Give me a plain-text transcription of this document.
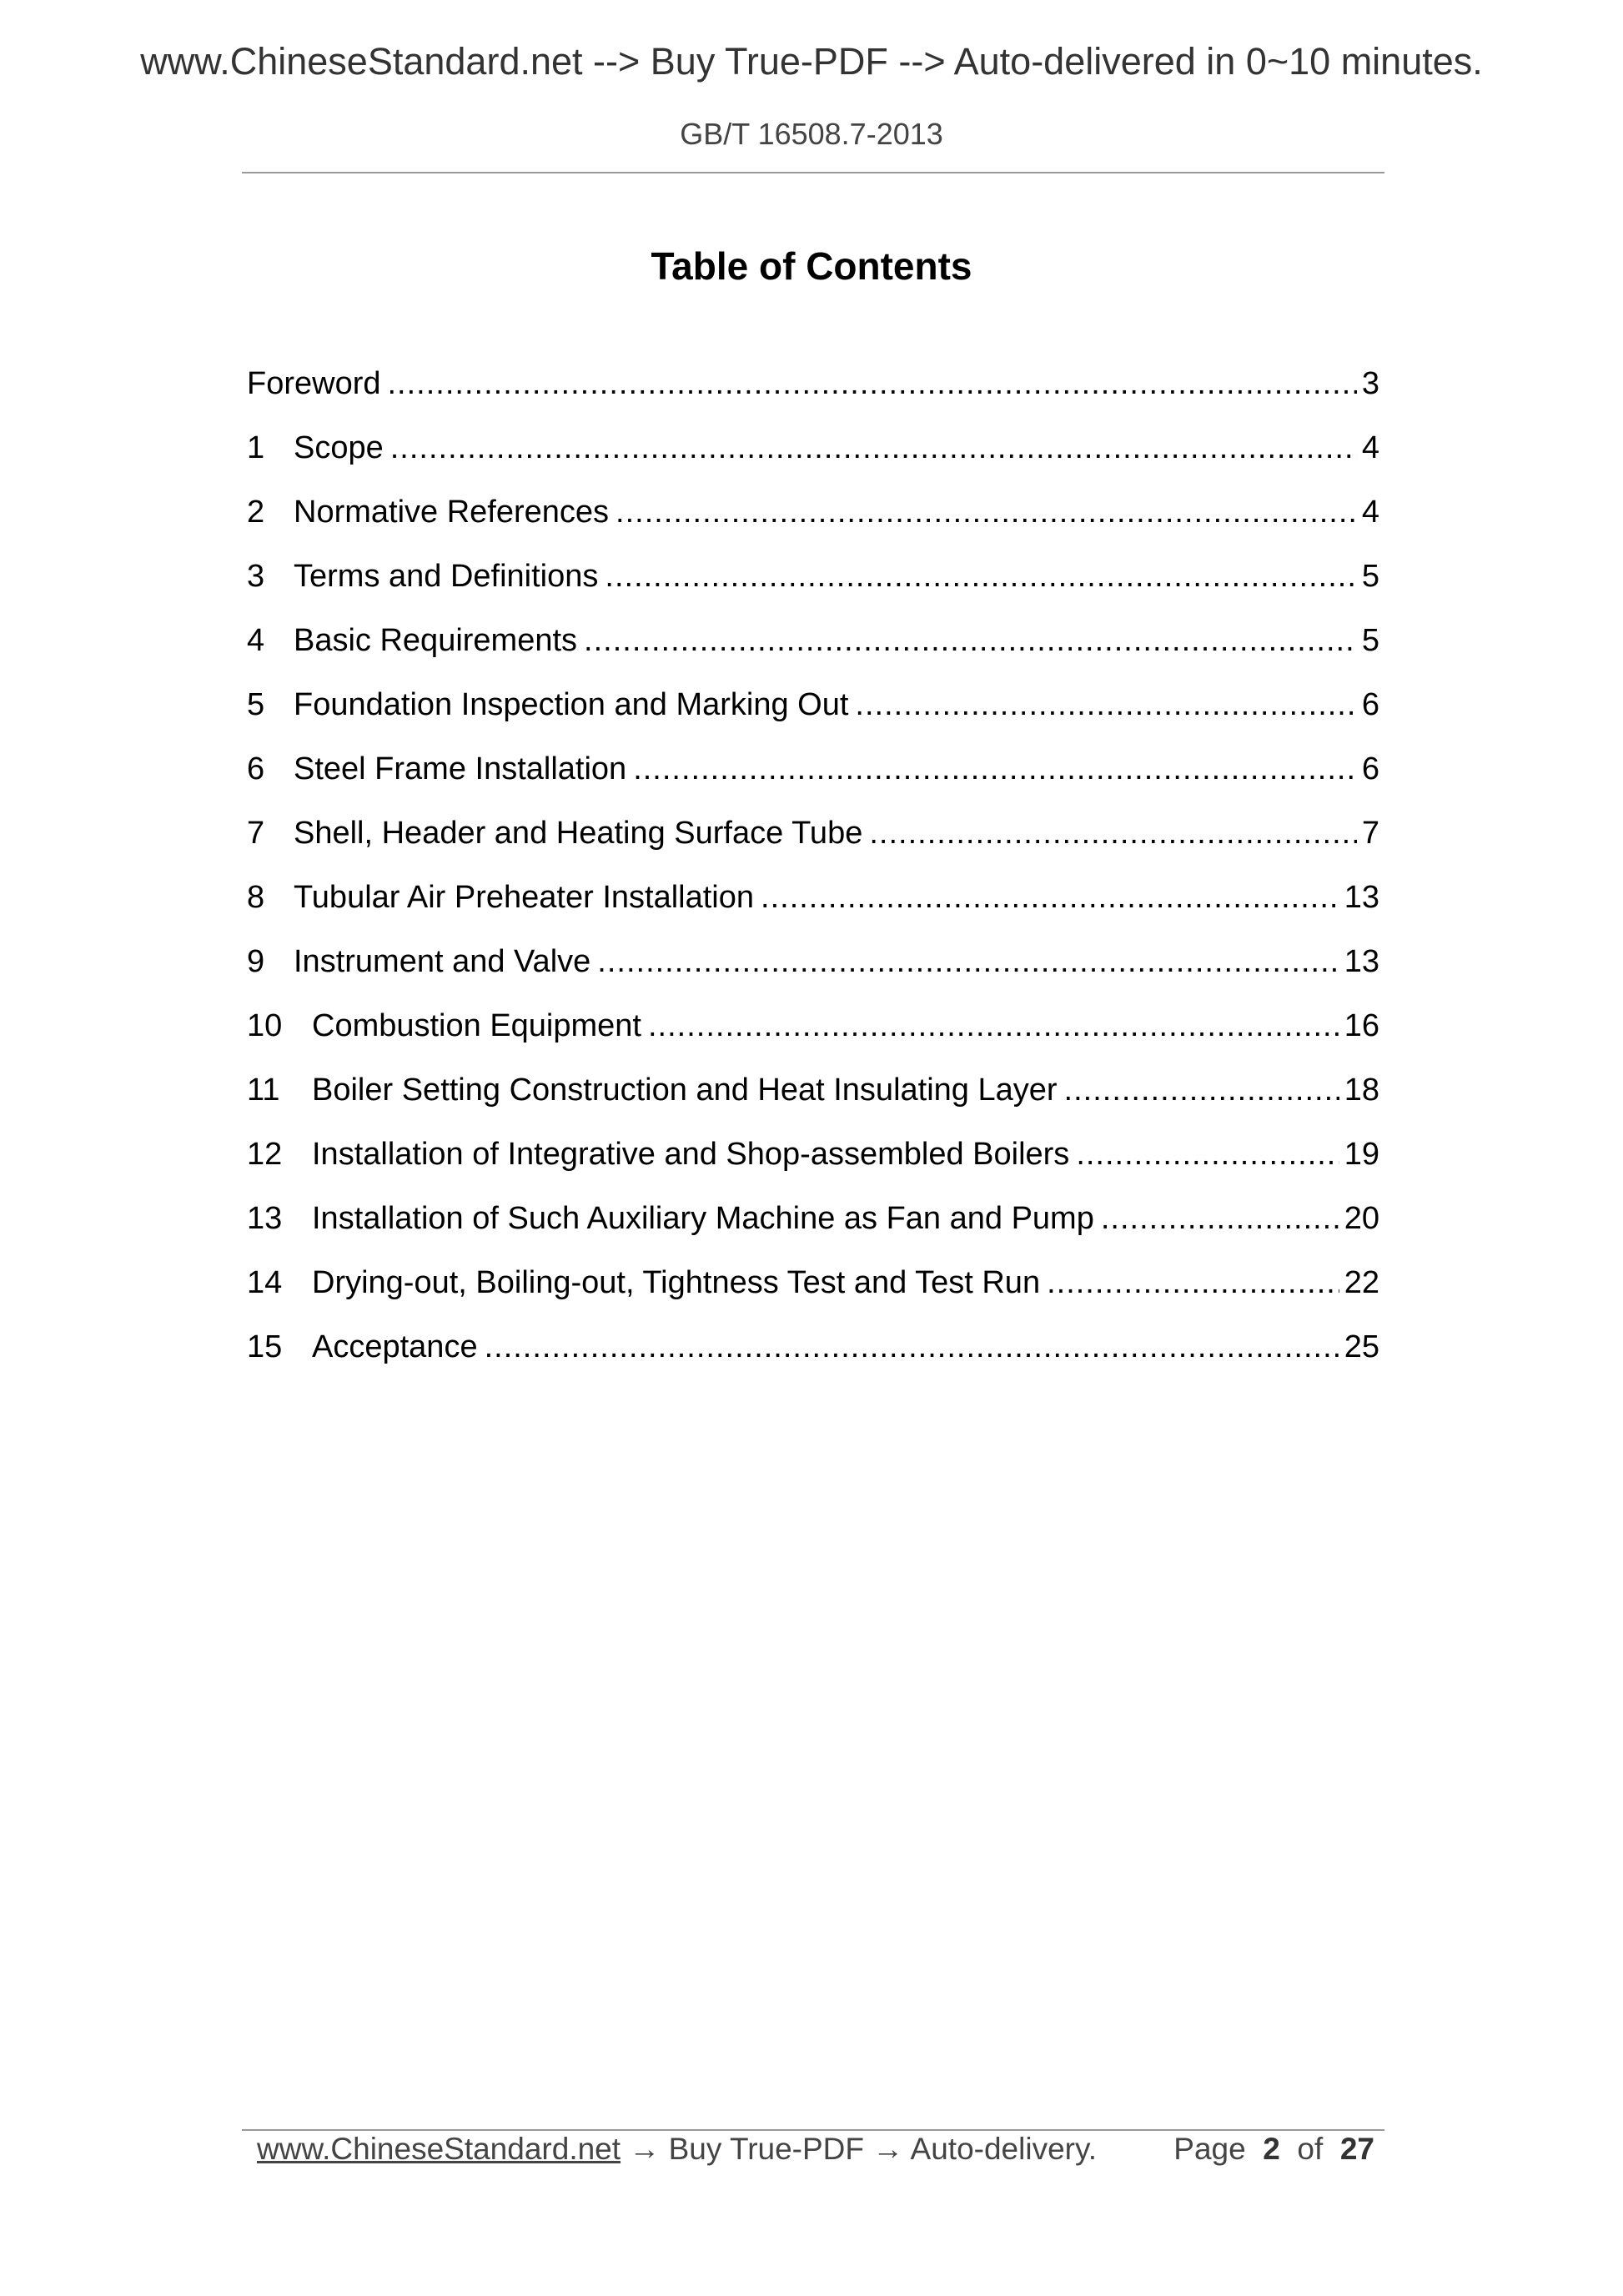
www.ChineseStandard.net --> Buy True-PDF --> Auto-delivered in 0~10 minutes.
GB/T 16508.7-2013
Table of Contents
Foreword .....	3
1 Scope .....	4
2 Normative References .....	4
3 Terms and Definitions .....	5
4 Basic Requirements .....	5
5 Foundation Inspection and Marking Out .....	6
6 Steel Frame Installation .....	6
7 Shell, Header and Heating Surface Tube .....	7
8 Tubular Air Preheater Installation .....	13
9 Instrument and Valve .....	13
10 Combustion Equipment .....	16
11	Boiler Setting Construction and Heat Insulating Layer .....	18
12 Installation of Integrative and Shop-assembled Boilers .....	19
13 Installation of Such Auxiliary Machine as Fan and Pump .....	20
14 Drying-out, Boiling-out, Tightness Test and Test Run .....	22
15 Acceptance .....	25
www.ChineseStandard.net → Buy True-PDF → Auto-delivery. Page 2 of 27
